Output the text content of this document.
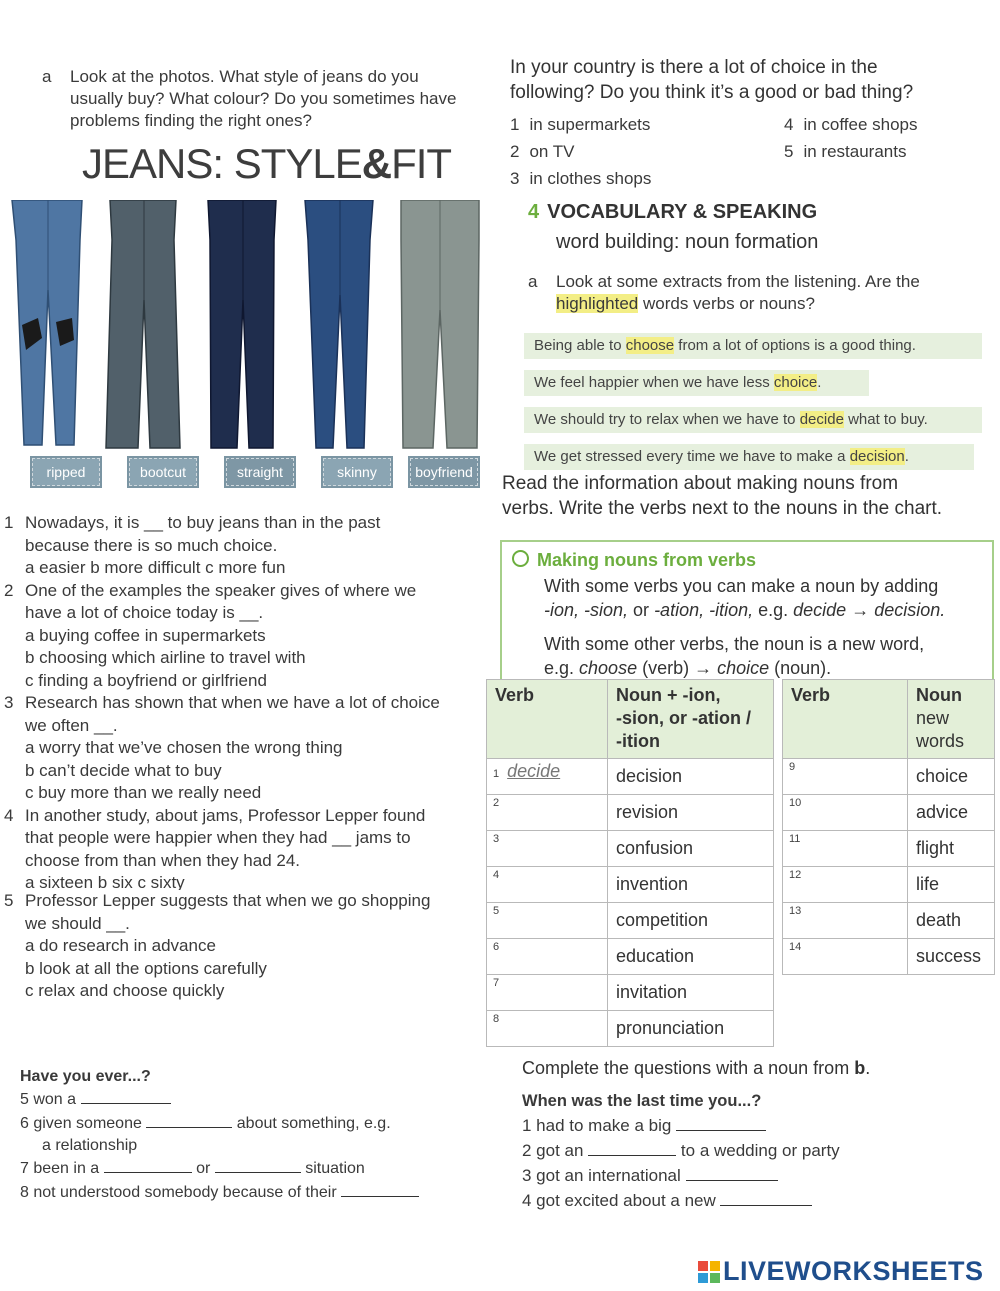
a Look at the photos. What style of jeans do you
usually buy? What colour? Do you sometimes have
problems finding the right ones?
JEANS: STYLE&FIT
ripped	bootcut	straight	skinny	boyfriend
In your country is there a lot of choice in the
following? Do you think it’s a good or bad thing?
1 in supermarkets
2 on TV
3 in clothes shops
4 in coffee shops
5 in restaurants
4 VOCABULARY & SPEAKING
word building: noun formation
a Look at some extracts from the listening. Are the
highlighted words verbs or nouns?
Being able to choose from a lot of options is a good thing.
We feel happier when we have less choice.
We should try to relax when we have to decide what to buy.
We get stressed every time we have to make a decision.
Read the information about making nouns from
verbs. Write the verbs next to the nouns in the chart.
Making nouns from verbs
With some verbs you can make a noun by adding
-ion, -sion, or -ation, -ition, e.g. decide → decision.
With some other verbs, the noun is a new word,
e.g. choose (verb) → choice (noun).
Verb	Noun + -ion,
-sion, or -ation /
-ition

1 decide	decision
2	revision
3	confusion
4	invention
5	competition
6	education
7	invitation
8	pronunciation
Verb	Noun
new
words

9	choice
10	advice
11	flight
12	life
13	death
14	success
1 Nowadays, it is __ to buy jeans than in the past
because there is so much choice.
a easier b more difficult c more fun
2 One of the examples the speaker gives of where we
have a lot of choice today is __.
a buying coffee in supermarkets
b choosing which airline to travel with
c finding a boyfriend or girlfriend
3 Research has shown that when we have a lot of choice
we often __.
a worry that we’ve chosen the wrong thing
b can’t decide what to buy
c buy more than we really need
4 In another study, about jams, Professor Lepper found
that people were happier when they had __ jams to
choose from than when they had 24.
a sixteen b six c sixty
5 Professor Lepper suggests that when we go shopping
we should __.
a do research in advance
b look at all the options carefully
c relax and choose quickly
Have you ever...?
5 won a
6 given someone	about something, e.g.
a relationship
7 been in a	or	situation
8 not understood somebody because of their
Complete the questions with a noun from b.
When was the last time you...?
1 had to make a big
2 got an	to a wedding or party
3 got an international
4 got excited about a new
LIVEWORKSHEETS
